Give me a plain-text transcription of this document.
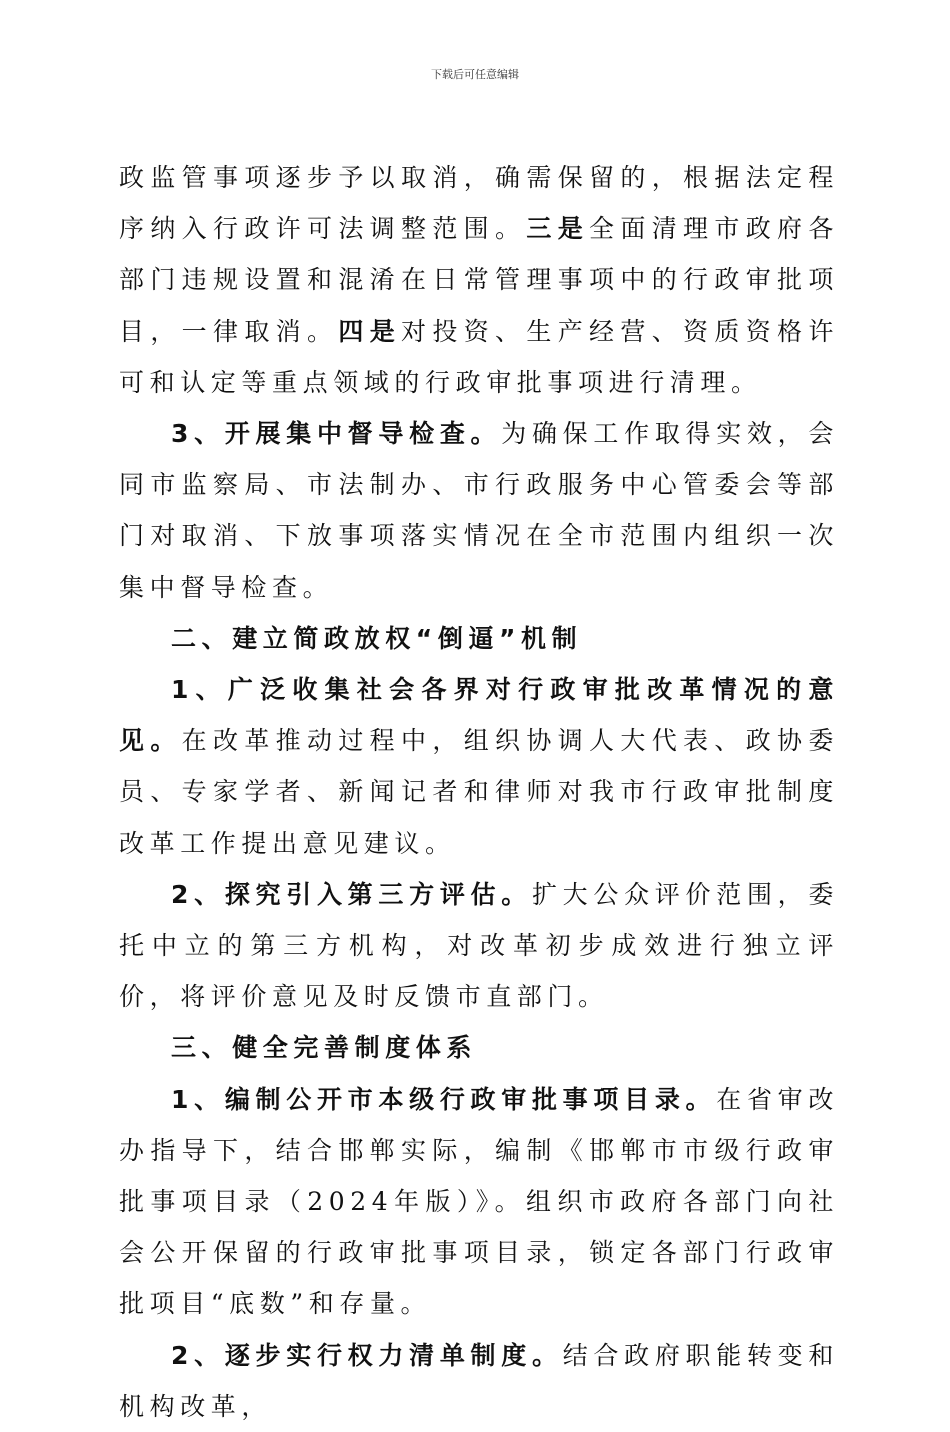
下载后可任意编辑

政监管事项逐步予以取消，确需保留的，根据法定程序纳入行政许可法调整范围。三是全面清理市政府各部门违规设置和混淆在日常管理事项中的行政审批项目，一律取消。四是对投资、生产经营、资质资格许可和认定等重点领域的行政审批事项进行清理。

3、开展集中督导检查。为确保工作取得实效，会同市监察局、市法制办、市行政服务中心管委会等部门对取消、下放事项落实情况在全市范围内组织一次集中督导检查。

二、建立简政放权“倒逼”机制

1、广泛收集社会各界对行政审批改革情况的意见。在改革推动过程中，组织协调人大代表、政协委员、专家学者、新闻记者和律师对我市行政审批制度改革工作提出意见建议。

2、探究引入第三方评估。扩大公众评价范围，委托中立的第三方机构，对改革初步成效进行独立评价，将评价意见及时反馈市直部门。

三、健全完善制度体系

1、编制公开市本级行政审批事项目录。在省审改办指导下，结合邯郸实际，编制《邯郸市市级行政审批事项目录（2024年版）》。组织市政府各部门向社会公开保留的行政审批事项目录，锁定各部门行政审批项目“底数”和存量。

2、逐步实行权力清单制度。结合政府职能转变和机构改革，
